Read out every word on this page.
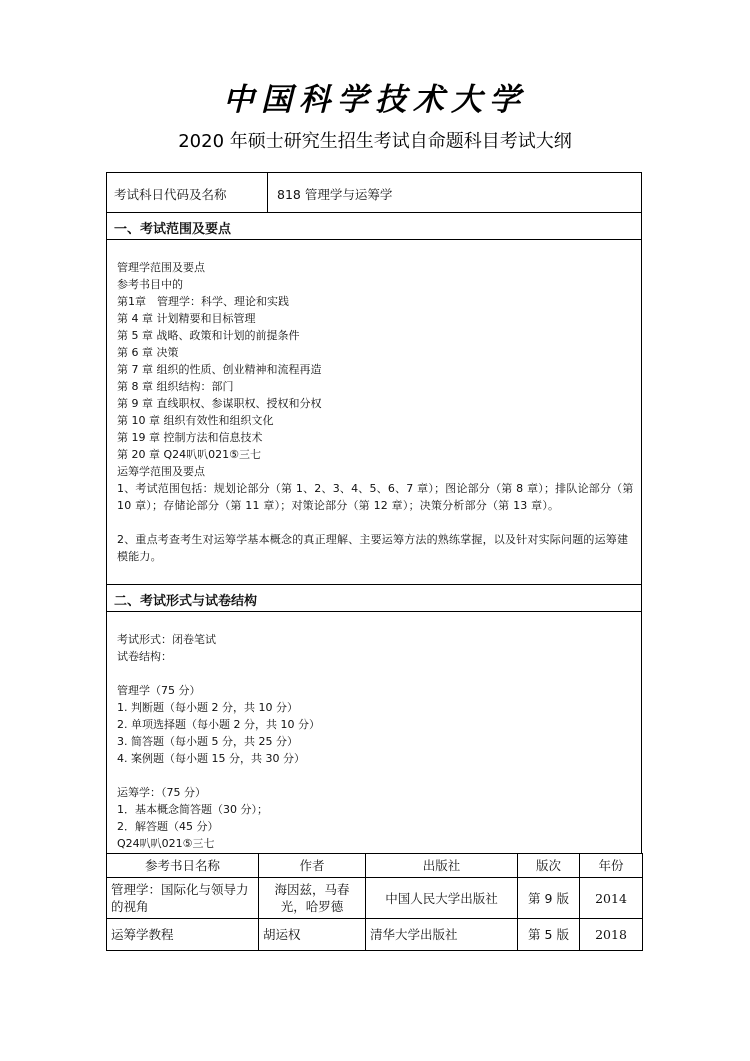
中国科学技术大学
2020 年硕士研究生招生考试自命题科目考试大纲
考试科日代码及名称	818 管理学与运筹学
一、考试范围及要点
管理学范围及要点
参考书目中的
第1章　管理学：科学、理论和实践
第 4 章 计划精要和目标管理
第 5 章 战略、政策和计划的前提条件
第 6 章 决策
第 7 章 组织的性质、创业精神和流程再造
第 8 章 组织结构：部门
第 9 章 直线职权、参谋职权、授权和分权
第 10 章 组织有效性和组织文化
第 19 章 控制方法和信息技术
第 20 章 Q24叭叭021⑤三七
运筹学范围及要点
1、考试范围包括：规划论部分（第 1、2、3、4、5、6、7 章）；图论部分（第 8 章）；排队论部分（第 10 章）；存储论部分（第 11 章）；对策论部分（第 12 章）；决策分析部分（第 13 章）。
2、重点考查考生对运筹学基本概念的真正理解、主要运筹方法的熟练掌握，以及针对实际问题的运筹建模能力。
二、考试形式与试卷结构
考试形式：闭卷笔试
试卷结构：
管理学（75 分）
1. 判断题（每小题 2 分，共 10 分）
2. 单项选择题（每小题 2 分，共 10 分）
3. 简答题（每小题 5 分，共 25 分）
4. 案例题（每小题 15 分，共 30 分）
运筹学：（75 分）
1．基本概念简答题（30 分）；
2．解答题（45 分）
Q24叭叭021⑤三七
参考书日名称	作者	出版社	版次	年份
管理学：国际化与领导力的视角	海因兹，马春光，哈罗德	中国人民大学出版社	第 9 版	2014
运筹学教程	胡运权	清华大学出版社	第 5 版	2018
